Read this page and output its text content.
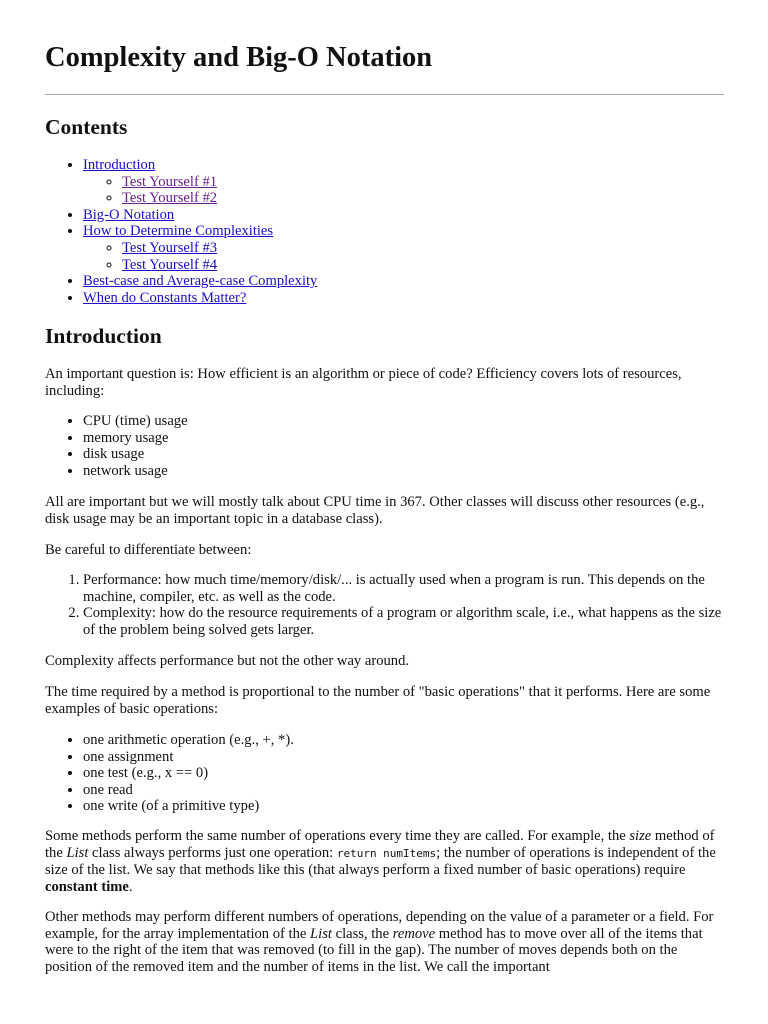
Complexity and Big-O Notation
Contents
• Introduction
◦ Test Yourself #1
◦ Test Yourself #2
• Big-O Notation
• How to Determine Complexities
◦ Test Yourself #3
◦ Test Yourself #4
• Best-case and Average-case Complexity
• When do Constants Matter?
Introduction

An important question is: How efficient is an algorithm or piece of code? Efficiency covers lots of resources, including:

• CPU (time) usage
• memory usage
• disk usage
• network usage

All are important but we will mostly talk about CPU time in 367. Other classes will discuss other resources (e.g., disk usage may be an important topic in a database class).

Be careful to differentiate between:

1. Performance: how much time/memory/disk/... is actually used when a program is run. This depends on the machine, compiler, etc. as well as the code.
2. Complexity: how do the resource requirements of a program or algorithm scale, i.e., what happens as the size of the problem being solved gets larger.

Complexity affects performance but not the other way around.

The time required by a method is proportional to the number of "basic operations" that it performs. Here are some examples of basic operations:

• one arithmetic operation (e.g., +, *).
• one assignment
• one test (e.g., x == 0)
• one read
• one write (of a primitive type)

Some methods perform the same number of operations every time they are called. For example, the size method of the List class always performs just one operation: return numItems; the number of operations is independent of the size of the list. We say that methods like this (that always perform a fixed number of basic operations) require constant time.

Other methods may perform different numbers of operations, depending on the value of a parameter or a field. For example, for the array implementation of the List class, the remove method has to move over all of the items that were to the right of the item that was removed (to fill in the gap). The number of moves depends both on the position of the removed item and the number of items in the list. We call the important
